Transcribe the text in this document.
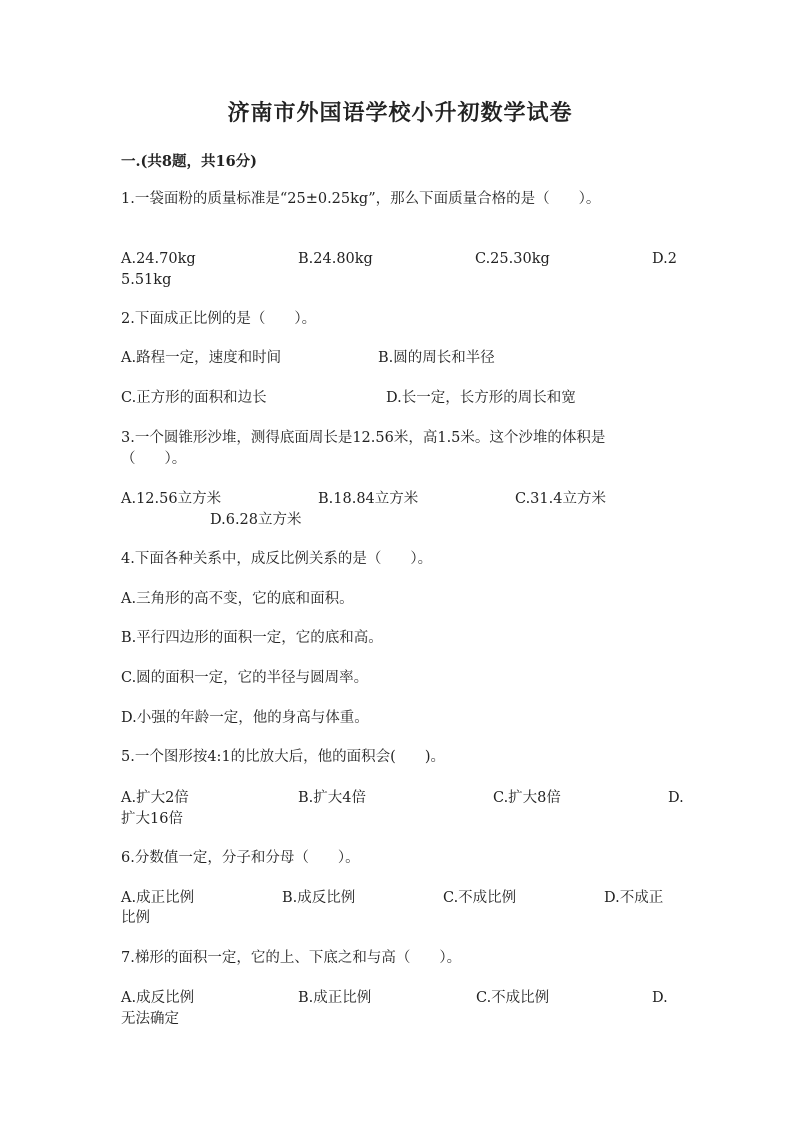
济南市外国语学校小升初数学试卷
一.(共8题，共16分)
1.一袋面粉的质量标准是“25±0.25kg”，那么下面质量合格的是（　　）。
A.24.70kg	B.24.80kg	C.25.30kg	D.2
5.51kg
2.下面成正比例的是（　　）。
A.路程一定，速度和时间	B.圆的周长和半径
C.正方形的面积和边长	D.长一定，长方形的周长和宽
3.一个圆锥形沙堆，测得底面周长是12.56米，高1.5米。这个沙堆的体积是
（　　）。
A.12.56立方米	B.18.84立方米	C.31.4立方米
D.6.28立方米
4.下面各种关系中，成反比例关系的是（　　）。
A.三角形的高不变，它的底和面积。
B.平行四边形的面积一定，它的底和高。
C.圆的面积一定，它的半径与圆周率。
D.小强的年龄一定，他的身高与体重。
5.一个图形按4:1的比放大后，他的面积会(　　)。
A.扩大2倍	B.扩大4倍	C.扩大8倍	D.
扩大16倍
6.分数值一定，分子和分母（　　）。
A.成正比例	B.成反比例	C.不成比例	D.不成正
比例
7.梯形的面积一定，它的上、下底之和与高（　　）。
A.成反比例	B.成正比例	C.不成比例	D.
无法确定
